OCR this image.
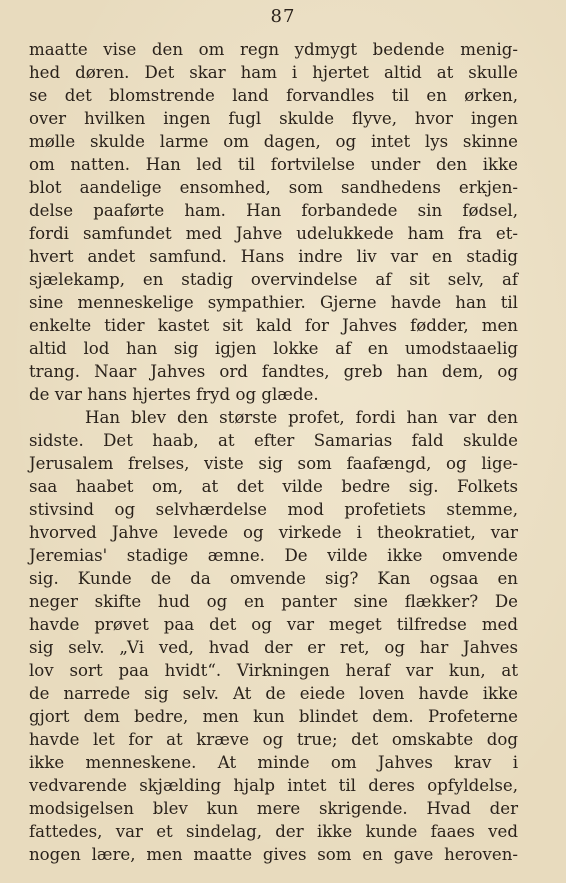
87
maatte vise den om regn ydmygt bedende menig-
hed døren. Det skar ham i hjertet altid at skulle
se det blomstrende land forvandles til en ørken,
over hvilken ingen fugl skulde flyve, hvor ingen
mølle skulde larme om dagen, og intet lys skinne
om natten. Han led til fortvilelse under den ikke
blot aandelige ensomhed, som sandhedens erkjen-
delse paaførte ham. Han forbandede sin fødsel,
fordi samfundet med Jahve udelukkede ham fra et-
hvert andet samfund. Hans indre liv var en stadig
sjælekamp, en stadig overvindelse af sit selv, af
sine menneskelige sympathier. Gjerne havde han til
enkelte tider kastet sit kald for Jahves fødder, men
altid lod han sig igjen lokke af en umodstaaelig
trang. Naar Jahves ord fandtes, greb han dem, og
de var hans hjertes fryd og glæde.
Han blev den største profet, fordi han var den
sidste. Det haab, at efter Samarias fald skulde
Jerusalem frelses, viste sig som faafængd, og lige-
saa haabet om, at det vilde bedre sig. Folkets
stivsind og selvhærdelse mod profetiets stemme,
hvorved Jahve levede og virkede i theokratiet, var
Jeremias' stadige æmne. De vilde ikke omvende
sig. Kunde de da omvende sig? Kan ogsaa en
neger skifte hud og en panter sine flækker? De
havde prøvet paa det og var meget tilfredse med
sig selv. „Vi ved, hvad der er ret, og har Jahves
lov sort paa hvidt“. Virkningen heraf var kun, at
de narrede sig selv. At de eiede loven havde ikke
gjort dem bedre, men kun blindet dem. Profeterne
havde let for at kræve og true; det omskabte dog
ikke menneskene. At minde om Jahves krav i
vedvarende skjælding hjalp intet til deres opfyldelse,
modsigelsen blev kun mere skrigende. Hvad der
fattedes, var et sindelag, der ikke kunde faaes ved
nogen lære, men maatte gives som en gave heroven-
